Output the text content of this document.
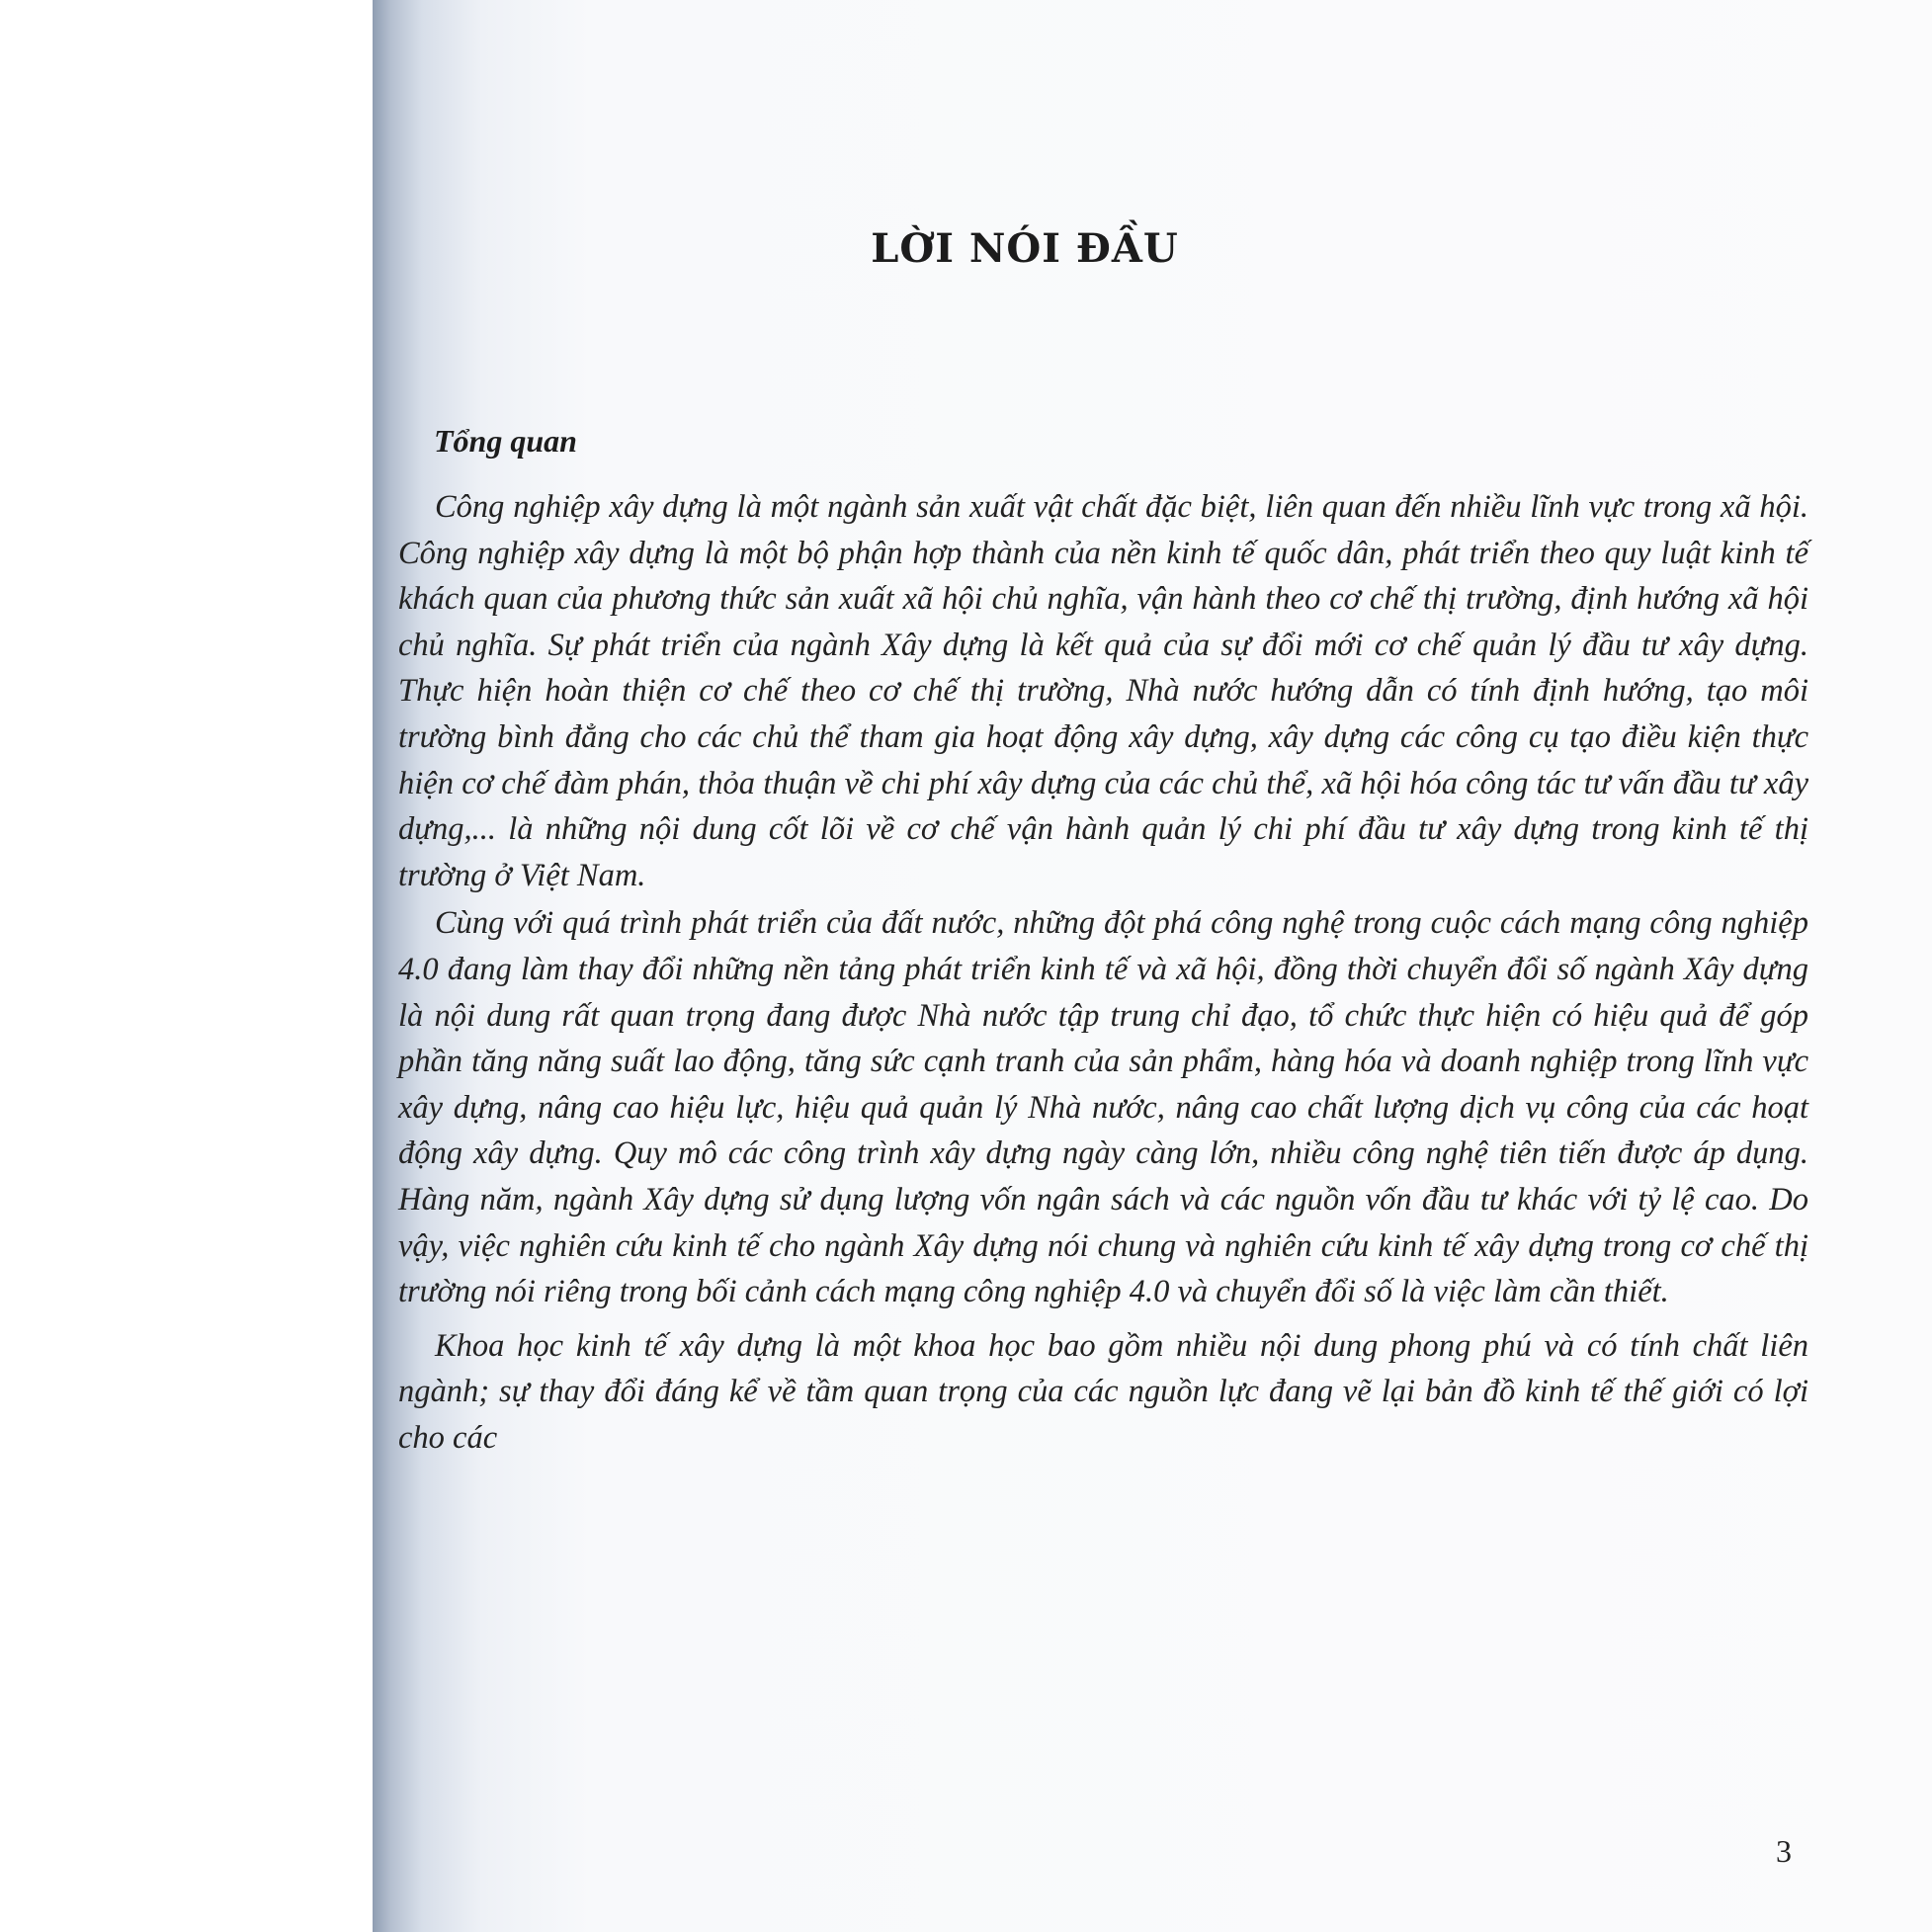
LỜI NÓI ĐẦU
Tổng quan

Công nghiệp xây dựng là một ngành sản xuất vật chất đặc biệt, liên quan đến nhiều lĩnh vực trong xã hội. Công nghiệp xây dựng là một bộ phận hợp thành của nền kinh tế quốc dân, phát triển theo quy luật kinh tế khách quan của phương thức sản xuất xã hội chủ nghĩa, vận hành theo cơ chế thị trường, định hướng xã hội chủ nghĩa. Sự phát triển của ngành Xây dựng là kết quả của sự đổi mới cơ chế quản lý đầu tư xây dựng. Thực hiện hoàn thiện cơ chế theo cơ chế thị trường, Nhà nước hướng dẫn có tính định hướng, tạo môi trường bình đẳng cho các chủ thể tham gia hoạt động xây dựng, xây dựng các công cụ tạo điều kiện thực hiện cơ chế đàm phán, thỏa thuận về chi phí xây dựng của các chủ thể, xã hội hóa công tác tư vấn đầu tư xây dựng,... là những nội dung cốt lõi về cơ chế vận hành quản lý chi phí đầu tư xây dựng trong kinh tế thị trường ở Việt Nam.

Cùng với quá trình phát triển của đất nước, những đột phá công nghệ trong cuộc cách mạng công nghiệp 4.0 đang làm thay đổi những nền tảng phát triển kinh tế và xã hội, đồng thời chuyển đổi số ngành Xây dựng là nội dung rất quan trọng đang được Nhà nước tập trung chỉ đạo, tổ chức thực hiện có hiệu quả để góp phần tăng năng suất lao động, tăng sức cạnh tranh của sản phẩm, hàng hóa và doanh nghiệp trong lĩnh vực xây dựng, nâng cao hiệu lực, hiệu quả quản lý Nhà nước, nâng cao chất lượng dịch vụ công của các hoạt động xây dựng. Quy mô các công trình xây dựng ngày càng lớn, nhiều công nghệ tiên tiến được áp dụng. Hàng năm, ngành Xây dựng sử dụng lượng vốn ngân sách và các nguồn vốn đầu tư khác với tỷ lệ cao. Do vậy, việc nghiên cứu kinh tế cho ngành Xây dựng nói chung và nghiên cứu kinh tế xây dựng trong cơ chế thị trường nói riêng trong bối cảnh cách mạng công nghiệp 4.0 và chuyển đổi số là việc làm cần thiết.

Khoa học kinh tế xây dựng là một khoa học bao gồm nhiều nội dung phong phú và có tính chất liên ngành; sự thay đổi đáng kể về tầm quan trọng của các nguồn lực đang vẽ lại bản đồ kinh tế thế giới có lợi cho các

3
